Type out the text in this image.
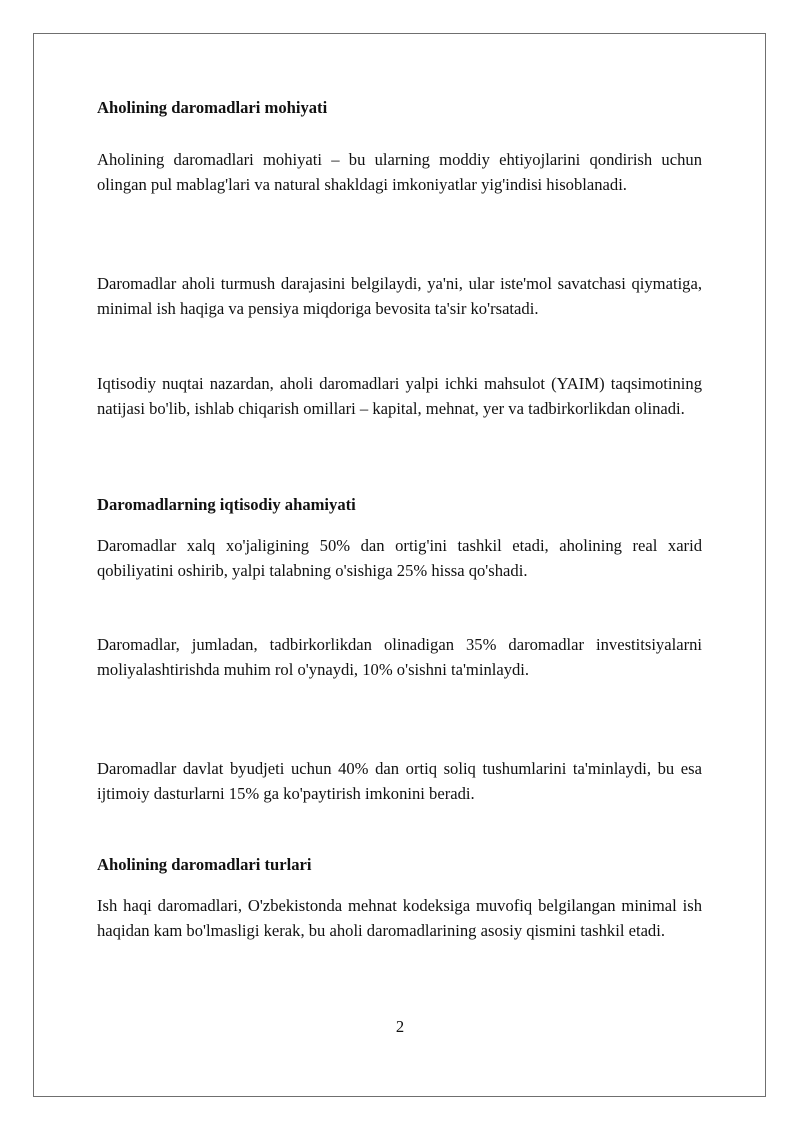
Aholining daromadlari mohiyati

Aholining daromadlari mohiyati – bu ularning moddiy ehtiyojlarini qondirish uchun olingan pul mablag'lari va natural shakldagi imkoniyatlar yig'indisi hisoblanadi.

Daromadlar aholi turmush darajasini belgilaydi, ya'ni, ular iste'mol savatchasi qiymatiga, minimal ish haqiga va pensiya miqdoriga bevosita ta'sir ko'rsatadi.

Iqtisodiy nuqtai nazardan, aholi daromadlari yalpi ichki mahsulot (YAIM) taqsimotining natijasi bo'lib, ishlab chiqarish omillari – kapital, mehnat, yer va tadbirkorlikdan olinadi.

Daromadlarning iqtisodiy ahamiyati

Daromadlar xalq xo'jaligining 50% dan ortig'ini tashkil etadi, aholining real xarid qobiliyatini oshirib, yalpi talabning o'sishiga 25% hissa qo'shadi.

Daromadlar, jumladan, tadbirkorlikdan olinadigan 35% daromadlar investitsiyalarni moliyalashtirishda muhim rol o'ynaydi, 10% o'sishni ta'minlaydi.

Daromadlar davlat byudjeti uchun 40% dan ortiq soliq tushumlarini ta'minlaydi, bu esa ijtimoiy dasturlarni 15% ga ko'paytirish imkonini beradi.

Aholining daromadlari turlari

Ish haqi daromadlari, O'zbekistonda mehnat kodeksiga muvofiq belgilangan minimal ish haqidan kam bo'lmasligi kerak, bu aholi daromadlarining asosiy qismini tashkil etadi.

2
